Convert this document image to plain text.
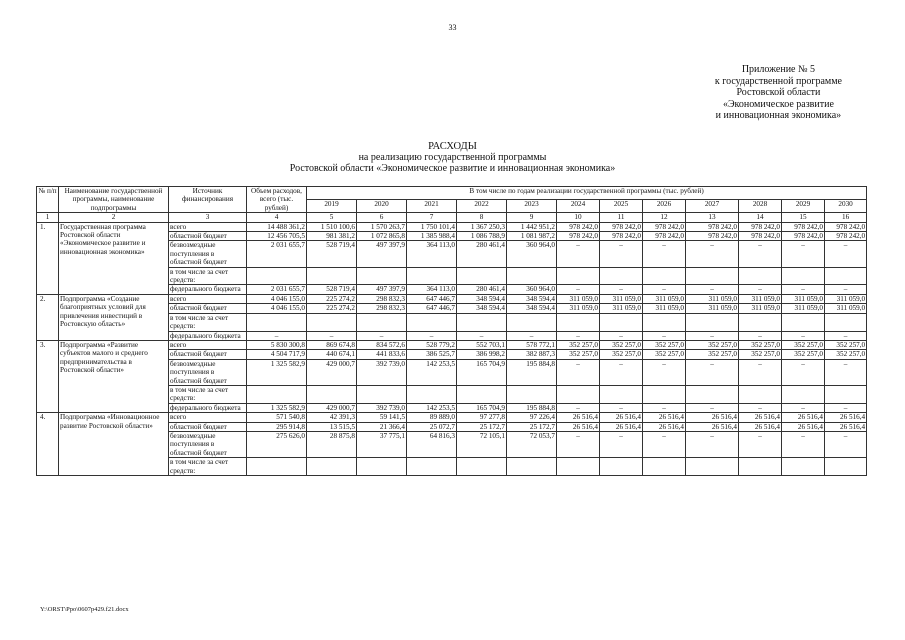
33
Приложение № 5
к государственной программе
Ростовской области
«Экономическое развитие
и инновационная экономика»
РАСХОДЫ
на реализацию государственной программы
Ростовской области «Экономическое развитие и инновационная экономика»
№ п/п	Наименование государственной программы, наименование подпрограммы	Источник финансирования	Объем расходов, всего (тыс. рублей)	В том числе по годам реализации государственной программы (тыс. рублей)											
				2019	2020	2021	2022	2023	2024	2025	2026	2027	2028	2029	2030
1	2	3	4	5	6	7	8	9	10	11	12	13	14	15	16
1.	Государственная программа Ростовской области «Экономическое развитие и инновационная экономика»	всего	14 488 361,2	1 510 100,6	1 570 263,7	1 750 101,4	1 367 250,3	1 442 951,2	978 242,0	978 242,0	978 242,0	978 242,0	978 242,0	978 242,0	978 242,0
		областной бюджет	12 456 705,5	981 381,2	1 072 865,8	1 385 988,4	1 086 788,9	1 081 987,2	978 242,0	978 242,0	978 242,0	978 242,0	978 242,0	978 242,0	978 242,0
		безвозмездные поступления в областной бюджет	2 031 655,7	528 719,4	497 397,9	364 113,0	280 461,4	360 964,0	–	–	–	–	–	–	–
		в том числе за счет средств:													
		федерального бюджета	2 031 655,7	528 719,4	497 397,9	364 113,0	280 461,4	360 964,0	–	–	–	–	–	–	–
2.	Подпрограмма «Создание благоприятных условий для привлечения инвестиций в Ростовскую область»	всего	4 046 155,0	225 274,2	298 832,3	647 446,7	348 594,4	348 594,4	311 059,0	311 059,0	311 059,0	311 059,0	311 059,0	311 059,0	311 059,0
		областной бюджет	4 046 155,0	225 274,2	298 832,3	647 446,7	348 594,4	348 594,4	311 059,0	311 059,0	311 059,0	311 059,0	311 059,0	311 059,0	311 059,0
		в том числе за счет средств:													
		федерального бюджета	–	–	–	–	–	–	–	–	–	–	–	–	–
3.	Подпрограмма «Развитие субъектов малого и среднего предпринимательства в Ростовской области»	всего	5 830 300,8	869 674,8	834 572,6	528 779,2	552 703,1	578 772,1	352 257,0	352 257,0	352 257,0	352 257,0	352 257,0	352 257,0	352 257,0
		областной бюджет	4 504 717,9	440 674,1	441 833,6	386 525,7	386 998,2	382 887,3	352 257,0	352 257,0	352 257,0	352 257,0	352 257,0	352 257,0	352 257,0
		безвозмездные поступления в областной бюджет	1 325 582,9	429 000,7	392 739,0	142 253,5	165 704,9	195 884,8	–	–	–	–	–	–	–
		в том числе за счет средств:													
		федерального бюджета	1 325 582,9	429 000,7	392 739,0	142 253,5	165 704,9	195 884,8	–	–	–	–	–	–	–
4.	Подпрограмма «Инновационное развитие Ростовской области»	всего	571 540,8	42 391,3	59 141,5	89 889,0	97 277,8	97 226,4	26 516,4	26 516,4	26 516,4	26 516,4	26 516,4	26 516,4	26 516,4
		областной бюджет	295 914,8	13 515,5	21 366,4	25 072,7	25 172,7	25 172,7	26 516,4	26 516,4	26 516,4	26 516,4	26 516,4	26 516,4	26 516,4
		безвозмездные поступления в областной бюджет	275 626,0	28 875,8	37 775,1	64 816,3	72 105,1	72 053,7	–	–	–	–	–	–	–
		в том числе за счет средств:													
Y:\ORST\Ppo\0607p429.f21.docx
